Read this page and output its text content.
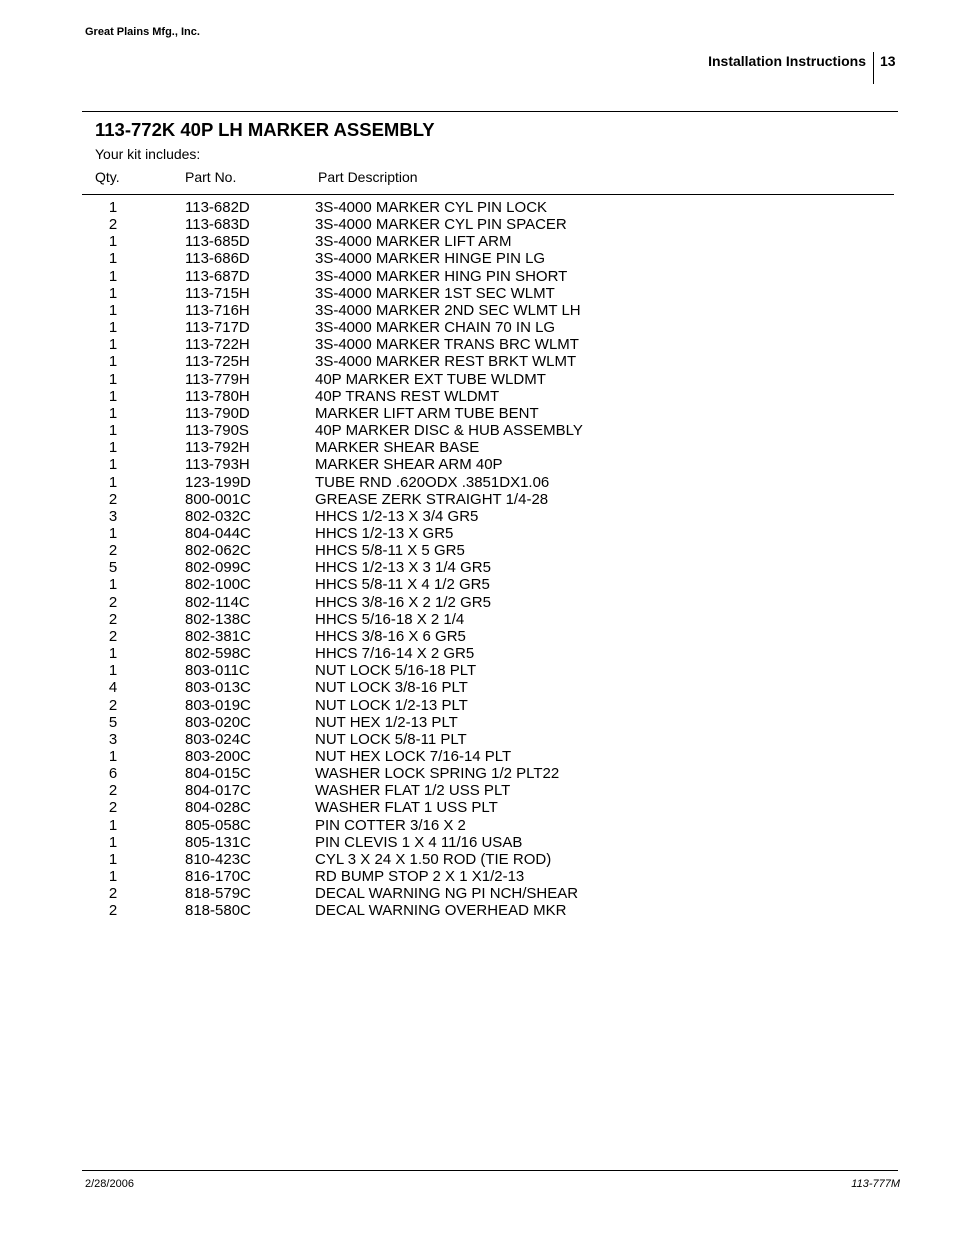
Great Plains Mfg., Inc.
Installation Instructions 13
113-772K 40P LH MARKER ASSEMBLY
Your kit includes:
Qty.	Part No.	Part Description
1	113-682D	3S-4000 MARKER CYL PIN LOCK
2	113-683D	3S-4000 MARKER CYL PIN SPACER
1	113-685D	3S-4000 MARKER LIFT ARM
1	113-686D	3S-4000 MARKER HINGE PIN LG
1	113-687D	3S-4000 MARKER HING PIN SHORT
1	113-715H	3S-4000 MARKER 1ST SEC WLMT
1	113-716H	3S-4000 MARKER 2ND SEC WLMT LH
1	113-717D	3S-4000 MARKER CHAIN 70 IN LG
1	113-722H	3S-4000 MARKER TRANS BRC WLMT
1	113-725H	3S-4000 MARKER REST BRKT WLMT
1	113-779H	40P MARKER EXT TUBE WLDMT
1	113-780H	40P TRANS REST WLDMT
1	113-790D	MARKER LIFT ARM TUBE BENT
1	113-790S	40P MARKER DISC & HUB ASSEMBLY
1	113-792H	MARKER SHEAR BASE
1	113-793H	MARKER SHEAR ARM 40P
1	123-199D	TUBE RND .620ODX .3851DX1.06
2	800-001C	GREASE ZERK STRAIGHT 1/4-28
3	802-032C	HHCS 1/2-13 X 3/4 GR5
1	804-044C	HHCS 1/2-13 X GR5
2	802-062C	HHCS 5/8-11 X 5 GR5
5	802-099C	HHCS 1/2-13 X 3 1/4 GR5
1	802-100C	HHCS 5/8-11 X 4 1/2 GR5
2	802-114C	HHCS 3/8-16 X 2 1/2 GR5
2	802-138C	HHCS 5/16-18 X 2 1/4
2	802-381C	HHCS 3/8-16 X 6 GR5
1	802-598C	HHCS 7/16-14 X 2 GR5
1	803-011C	NUT LOCK 5/16-18 PLT
4	803-013C	NUT LOCK 3/8-16 PLT
2	803-019C	NUT LOCK 1/2-13 PLT
5	803-020C	NUT HEX 1/2-13 PLT
3	803-024C	NUT LOCK 5/8-11 PLT
1	803-200C	NUT HEX LOCK 7/16-14 PLT
6	804-015C	WASHER LOCK SPRING 1/2 PLT22
2	804-017C	WASHER FLAT 1/2 USS PLT
2	804-028C	WASHER FLAT 1 USS PLT
1	805-058C	PIN COTTER 3/16 X 2
1	805-131C	PIN CLEVIS 1 X 4 11/16 USAB
1	810-423C	CYL 3 X 24 X 1.50 ROD (TIE ROD)
1	816-170C	RD BUMP STOP 2 X 1 X1/2-13
2	818-579C	DECAL WARNING NG PI NCH/SHEAR
2	818-580C	DECAL WARNING OVERHEAD MKR
2/28/2006	113-777M
